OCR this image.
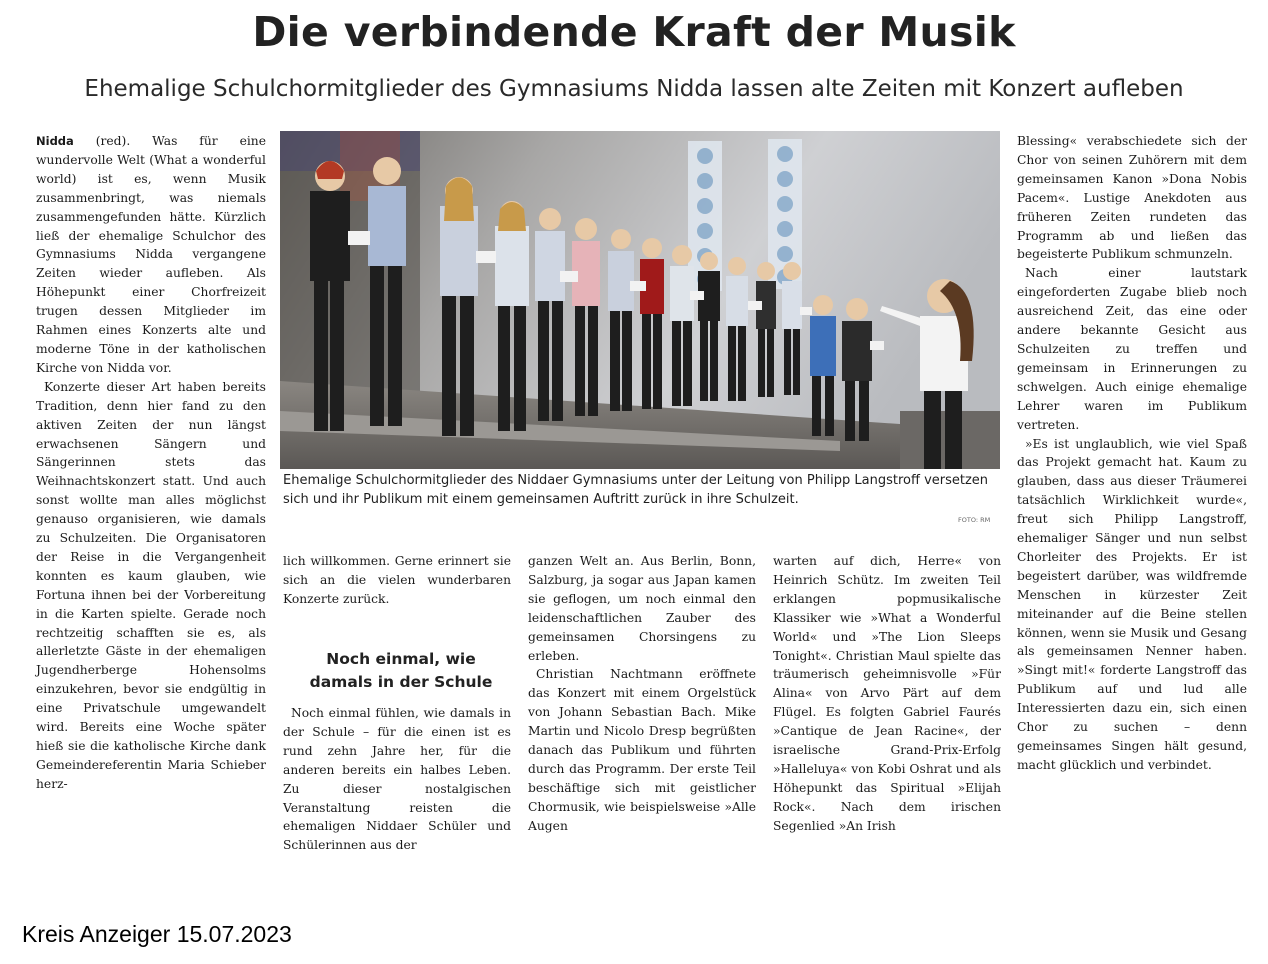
Die verbindende Kraft der Musik
Ehemalige Schulchormitglieder des Gymnasiums Nidda lassen alte Zeiten mit Konzert aufleben

Nidda (red). Was für eine wundervolle Welt (What a wonderful world) ist es, wenn Musik zusammenbringt, was niemals zusammengefunden hätte. Kürzlich ließ der ehemalige Schulchor des Gymnasiums Nidda vergangene Zeiten wieder aufleben. Als Höhepunkt einer Chorfreizeit trugen dessen Mitglieder im Rahmen eines Konzerts alte und moderne Töne in der katholischen Kirche von Nidda vor.

Konzerte dieser Art haben bereits Tradition, denn hier fand zu den aktiven Zeiten der nun längst erwachsenen Sängern und Sängerinnen stets das Weihnachtskonzert statt. Und auch sonst wollte man alles möglichst genauso organisieren, wie damals zu Schulzeiten. Die Organisatoren der Reise in die Vergangenheit konnten es kaum glauben, wie Fortuna ihnen bei der Vorbereitung in die Karten spielte. Gerade noch rechtzeitig schafften sie es, als allerletzte Gäste in der ehemaligen Jugendherberge Hohensolms einzukehren, bevor sie endgültig in eine Privatschule umgewandelt wird. Bereits eine Woche später hieß sie die katholische Kirche dank Gemeindereferentin Maria Schieber herz-

Ehemalige Schulchormitglieder des Niddaer Gymnasiums unter der Leitung von Philipp Langstroff versetzen sich und ihr Publikum mit einem gemeinsamen Auftritt zurück in ihre Schulzeit.
FOTO: RM

lich willkommen. Gerne erinnert sie sich an die vielen wunderbaren Konzerte zurück.

Noch einmal, wie damals in der Schule

Noch einmal fühlen, wie damals in der Schule – für die einen ist es rund zehn Jahre her, für die anderen bereits ein halbes Leben. Zu dieser nostalgischen Veranstaltung reisten die ehemaligen Niddaer Schüler und Schülerinnen aus der

ganzen Welt an. Aus Berlin, Bonn, Salzburg, ja sogar aus Japan kamen sie geflogen, um noch einmal den leidenschaftlichen Zauber des gemeinsamen Chorsingens zu erleben.

Christian Nachtmann eröffnete das Konzert mit einem Orgelstück von Johann Sebastian Bach. Mike Martin und Nicolo Dresp begrüßten danach das Publikum und führten durch das Programm. Der erste Teil beschäftige sich mit geistlicher Chormusik, wie beispielsweise »Alle Augen

warten auf dich, Herre« von Heinrich Schütz. Im zweiten Teil erklangen popmusikalische Klassiker wie »What a Wonderful World« und »The Lion Sleeps Tonight«. Christian Maul spielte das träumerisch geheimnisvolle »Für Alina« von Arvo Pärt auf dem Flügel. Es folgten Gabriel Faurés »Cantique de Jean Racine«, der israelische Grand-Prix-Erfolg »Halleluya« von Kobi Oshrat und als Höhepunkt das Spiritual »Elijah Rock«. Nach dem irischen Segenlied »An Irish

Blessing« verabschiedete sich der Chor von seinen Zuhörern mit dem gemeinsamen Kanon »Dona Nobis Pacem«. Lustige Anekdoten aus früheren Zeiten rundeten das Programm ab und ließen das begeisterte Publikum schmunzeln.

Nach einer lautstark eingeforderten Zugabe blieb noch ausreichend Zeit, das eine oder andere bekannte Gesicht aus Schulzeiten zu treffen und gemeinsam in Erinnerungen zu schwelgen. Auch einige ehemalige Lehrer waren im Publikum vertreten.

»Es ist unglaublich, wie viel Spaß das Projekt gemacht hat. Kaum zu glauben, dass aus dieser Träumerei tatsächlich Wirklichkeit wurde«, freut sich Philipp Langstroff, ehemaliger Sänger und nun selbst Chorleiter des Projekts. Er ist begeistert darüber, was wildfremde Menschen in kürzester Zeit miteinander auf die Beine stellen können, wenn sie Musik und Gesang als gemeinsamen Nenner haben. »Singt mit!« forderte Langstroff das Publikum auf und lud alle Interessierten dazu ein, sich einen Chor zu suchen – denn gemeinsames Singen hält gesund, macht glücklich und verbindet.

Kreis Anzeiger 15.07.2023
